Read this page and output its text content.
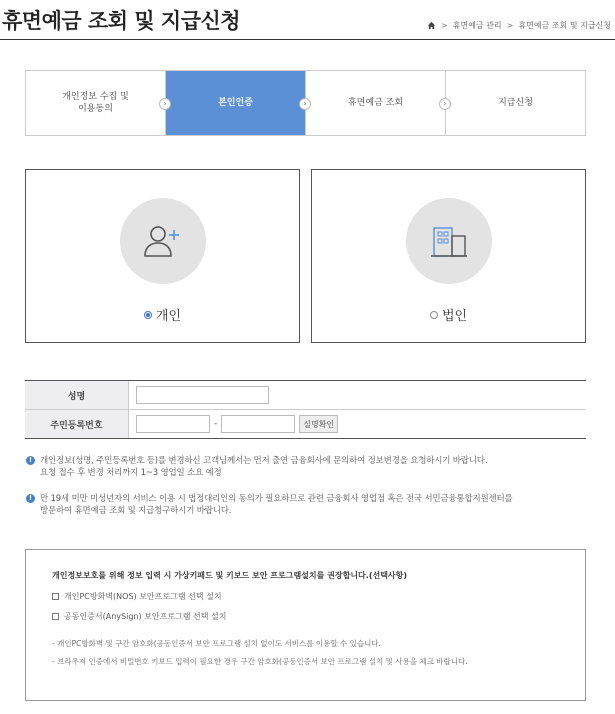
휴면예금 조회 및 지급신청	> 휴면예금 관리 > 휴면예금 조회 및 지급신청
개인정보 수집 및
이용동의
›	본인인증	›	휴면예금 조회	›	지급신청
개인	법인
성명
주민등록번호	-	실명확인
! 개인정보(성명, 주민등록번호 등)를 변경하신 고객님께서는 먼저 출연 금융회사에 문의하여 정보변경을 요청하시기 바랍니다.
요청 접수 후 변경 처리까지 1~3 영업일 소요 예정
! 만 19세 미만 미성년자의 서비스 이용 시 법정대리인의 동의가 필요하므로 관련 금융회사 영업점 혹은 전국 서민금융통합지원센터를
방문하여 휴면예금 조회 및 지급청구하시기 바랍니다.
개인정보보호를 위해 정보 입력 시 가상키패드 및 키보드 보안 프로그램설치를 권장합니다.(선택사항)
개인PC방화벽(NOS) 보안프로그램 선택 설치
공동인증서(AnySign) 보안프로그램 선택 설치
- 개인PC방화벽 및 구간 암호화(공동인증서 보안 프로그램 설치 없이도 서비스를 이용할 수 있습니다.
- 브라우저 인증에서 비밀번호 키보드 입력이 필요한 경우 구간 암호화(공동인증서 보안 프로그램 설치 및 사용을 체크 바랍니다.
